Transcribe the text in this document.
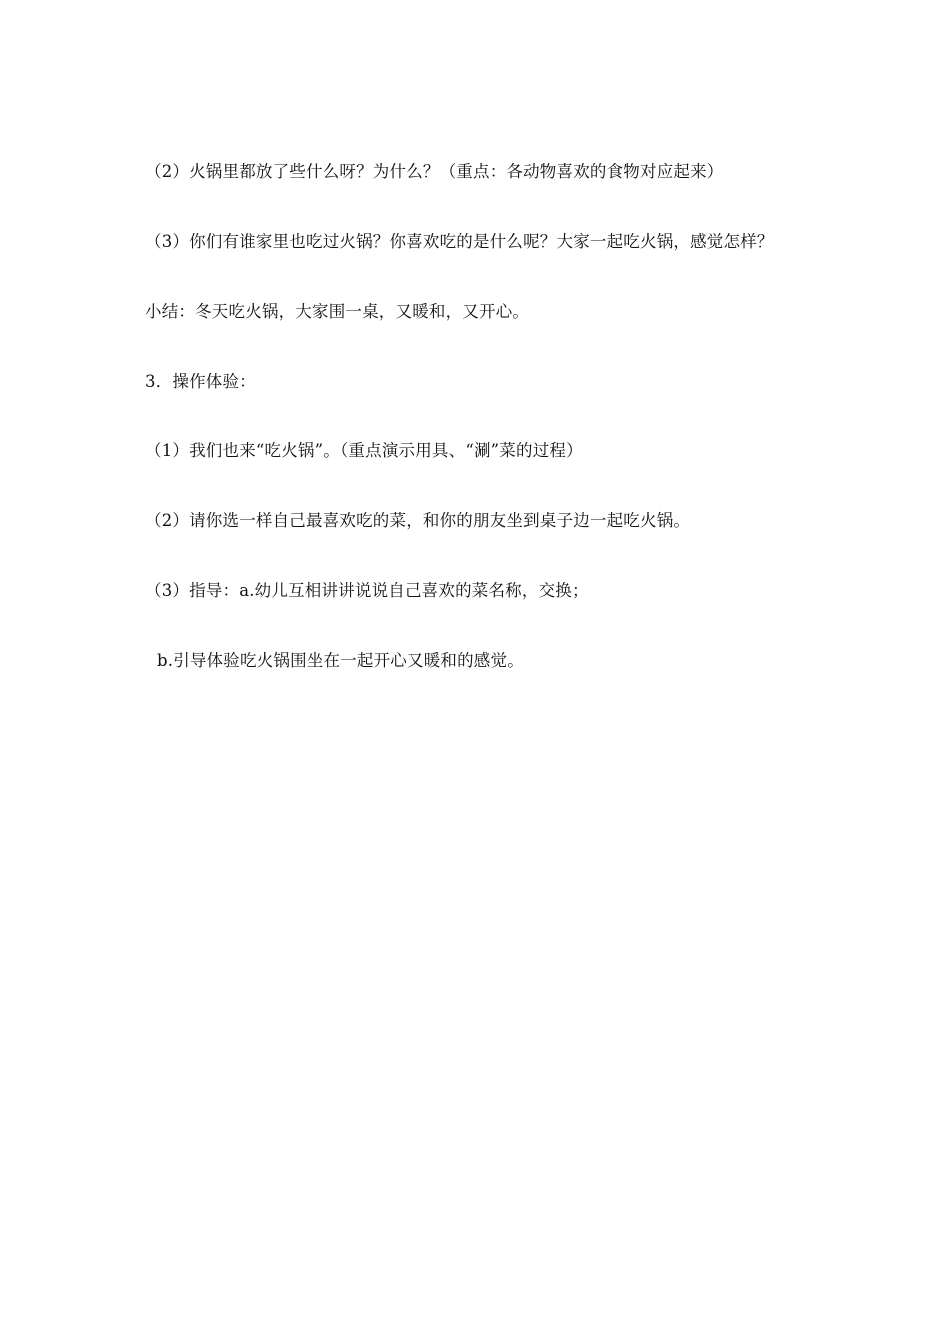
（2）火锅里都放了些什么呀？为什么？（重点：各动物喜欢的食物对应起来）
（3）你们有谁家里也吃过火锅？你喜欢吃的是什么呢？大家一起吃火锅，感觉怎样？
小结：冬天吃火锅，大家围一桌，又暖和，又开心。
3．操作体验：
（1）我们也来“吃火锅”。（重点演示用具、“涮”菜的过程）
（2）请你选一样自己最喜欢吃的菜，和你的朋友坐到桌子边一起吃火锅。
（3）指导：a.幼儿互相讲讲说说自己喜欢的菜名称，交换；
b.引导体验吃火锅围坐在一起开心又暖和的感觉。
